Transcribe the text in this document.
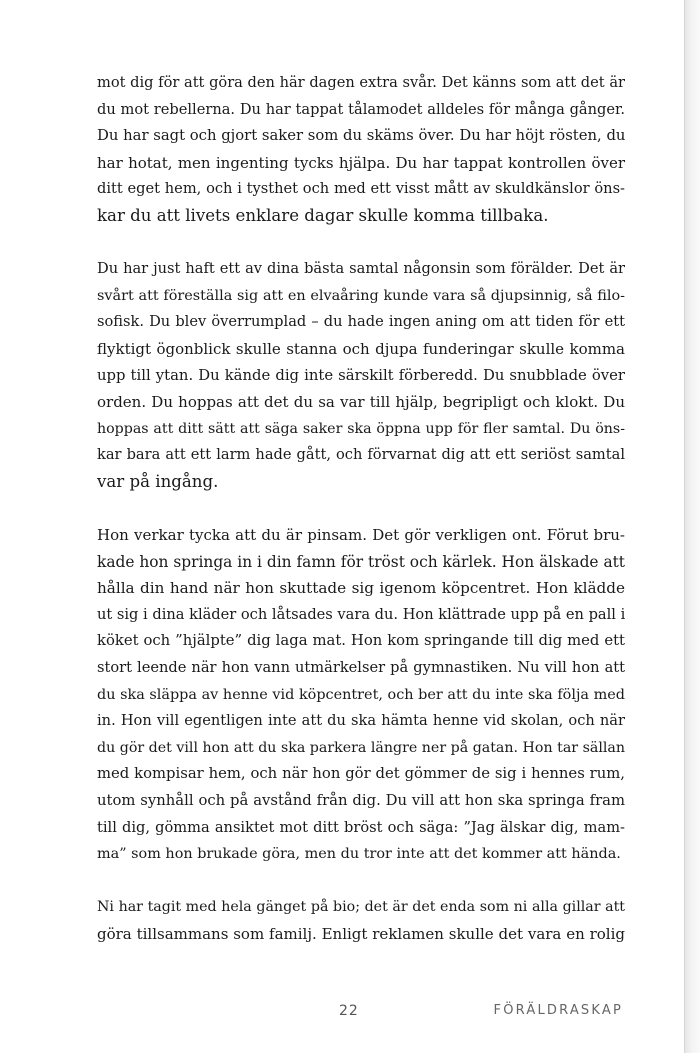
mot dig för att göra den här dagen extra svår. Det känns som att det är
du mot rebellerna. Du har tappat tålamodet alldeles för många gånger.
Du har sagt och gjort saker som du skäms över. Du har höjt rösten, du
har hotat, men ingenting tycks hjälpa. Du har tappat kontrollen över
ditt eget hem, och i tysthet och med ett visst mått av skuldkänslor öns-
kar du att livets enklare dagar skulle komma tillbaka.

Du har just haft ett av dina bästa samtal någonsin som förälder. Det är
svårt att föreställa sig att en elvaåring kunde vara så djupsinnig, så filo-
sofisk. Du blev överrumplad – du hade ingen aning om att tiden för ett
flyktigt ögonblick skulle stanna och djupa funderingar skulle komma
upp till ytan. Du kände dig inte särskilt förberedd. Du snubblade över
orden. Du hoppas att det du sa var till hjälp, begripligt och klokt. Du
hoppas att ditt sätt att säga saker ska öppna upp för fler samtal. Du öns-
kar bara att ett larm hade gått, och förvarnat dig att ett seriöst samtal
var på ingång.

Hon verkar tycka att du är pinsam. Det gör verkligen ont. Förut bru-
kade hon springa in i din famn för tröst och kärlek. Hon älskade att
hålla din hand när hon skuttade sig igenom köpcentret. Hon klädde
ut sig i dina kläder och låtsades vara du. Hon klättrade upp på en pall i
köket och ”hjälpte” dig laga mat. Hon kom springande till dig med ett
stort leende när hon vann utmärkelser på gymnastiken. Nu vill hon att
du ska släppa av henne vid köpcentret, och ber att du inte ska följa med
in. Hon vill egentligen inte att du ska hämta henne vid skolan, och när
du gör det vill hon att du ska parkera längre ner på gatan. Hon tar sällan
med kompisar hem, och när hon gör det gömmer de sig i hennes rum,
utom synhåll och på avstånd från dig. Du vill att hon ska springa fram
till dig, gömma ansiktet mot ditt bröst och säga: ”Jag älskar dig, mam-
ma” som hon brukade göra, men du tror inte att det kommer att hända.

Ni har tagit med hela gänget på bio; det är det enda som ni alla gillar att
göra tillsammans som familj. Enligt reklamen skulle det vara en rolig

22	FÖRÄLDRASKAP
